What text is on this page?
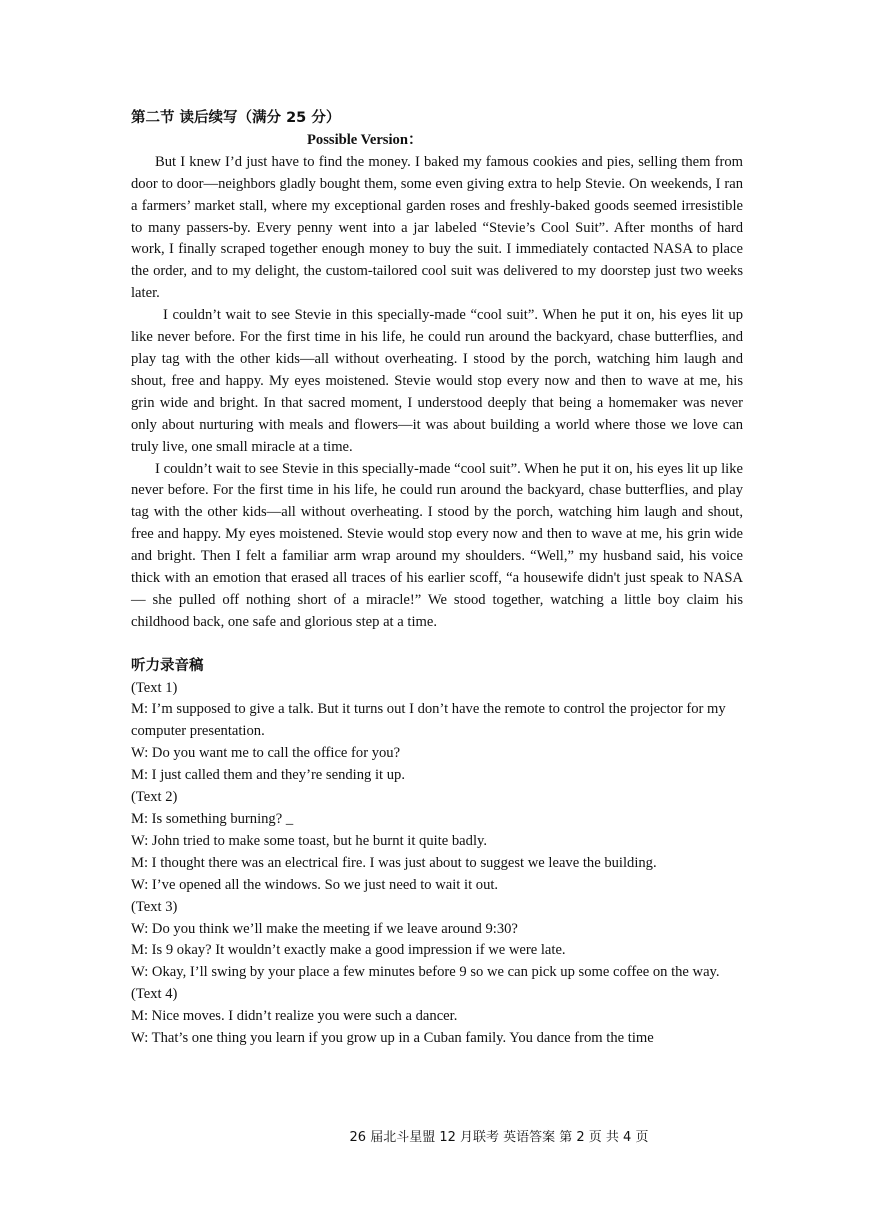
第二节 读后续写（满分 25 分）

Possible Version：

But I knew I’d just have to find the money. I baked my famous cookies and pies, selling them from door to door—neighbors gladly bought them, some even giving extra to help Stevie. On weekends, I ran a farmers’ market stall, where my exceptional garden roses and freshly-baked goods seemed irresistible to many passers-by. Every penny went into a jar labeled “Stevie’s Cool Suit”. After months of hard work, I finally scraped together enough money to buy the suit. I immediately contacted NASA to place the order, and to my delight, the custom-tailored cool suit was delivered to my doorstep just two weeks later.

I couldn’t wait to see Stevie in this specially-made “cool suit”. When he put it on, his eyes lit up like never before. For the first time in his life, he could run around the backyard, chase butterflies, and play tag with the other kids—all without overheating. I stood by the porch, watching him laugh and shout, free and happy. My eyes moistened. Stevie would stop every now and then to wave at me, his grin wide and bright. In that sacred moment, I understood deeply that being a homemaker was never only about nurturing with meals and flowers—it was about building a world where those we love can truly live, one small miracle at a time.

I couldn’t wait to see Stevie in this specially-made “cool suit”. When he put it on, his eyes lit up like never before. For the first time in his life, he could run around the backyard, chase butterflies, and play tag with the other kids—all without overheating. I stood by the porch, watching him laugh and shout, free and happy. My eyes moistened. Stevie would stop every now and then to wave at me, his grin wide and bright. Then I felt a familiar arm wrap around my shoulders. “Well,” my husband said, his voice thick with an emotion that erased all traces of his earlier scoff, “a housewife didn't just speak to NASA — she pulled off nothing short of a miracle!” We stood together, watching a little boy claim his childhood back, one safe and glorious step at a time.

听力录音稿

(Text 1)

M: I’m supposed to give a talk. But it turns out I don’t have the remote to control the projector for my computer presentation.

W: Do you want me to call the office for you?

M: I just called them and they’re sending it up.

(Text 2)

M: Is something burning? _

W: John tried to make some toast, but he burnt it quite badly.

M: I thought there was an electrical fire. I was just about to suggest we leave the building.

W: I’ve opened all the windows. So we just need to wait it out.

(Text 3)

W: Do you think we’ll make the meeting if we leave around 9:30?

M: Is 9 okay? It wouldn’t exactly make a good impression if we were late.

W: Okay, I’ll swing by your place a few minutes before 9 so we can pick up some coffee on the way.

(Text 4)

M: Nice moves. I didn’t realize you were such a dancer.

W: That’s one thing you learn if you grow up in a Cuban family. You dance from the time

26 届北斗星盟 12 月联考 英语答案 第 2 页 共 4 页
